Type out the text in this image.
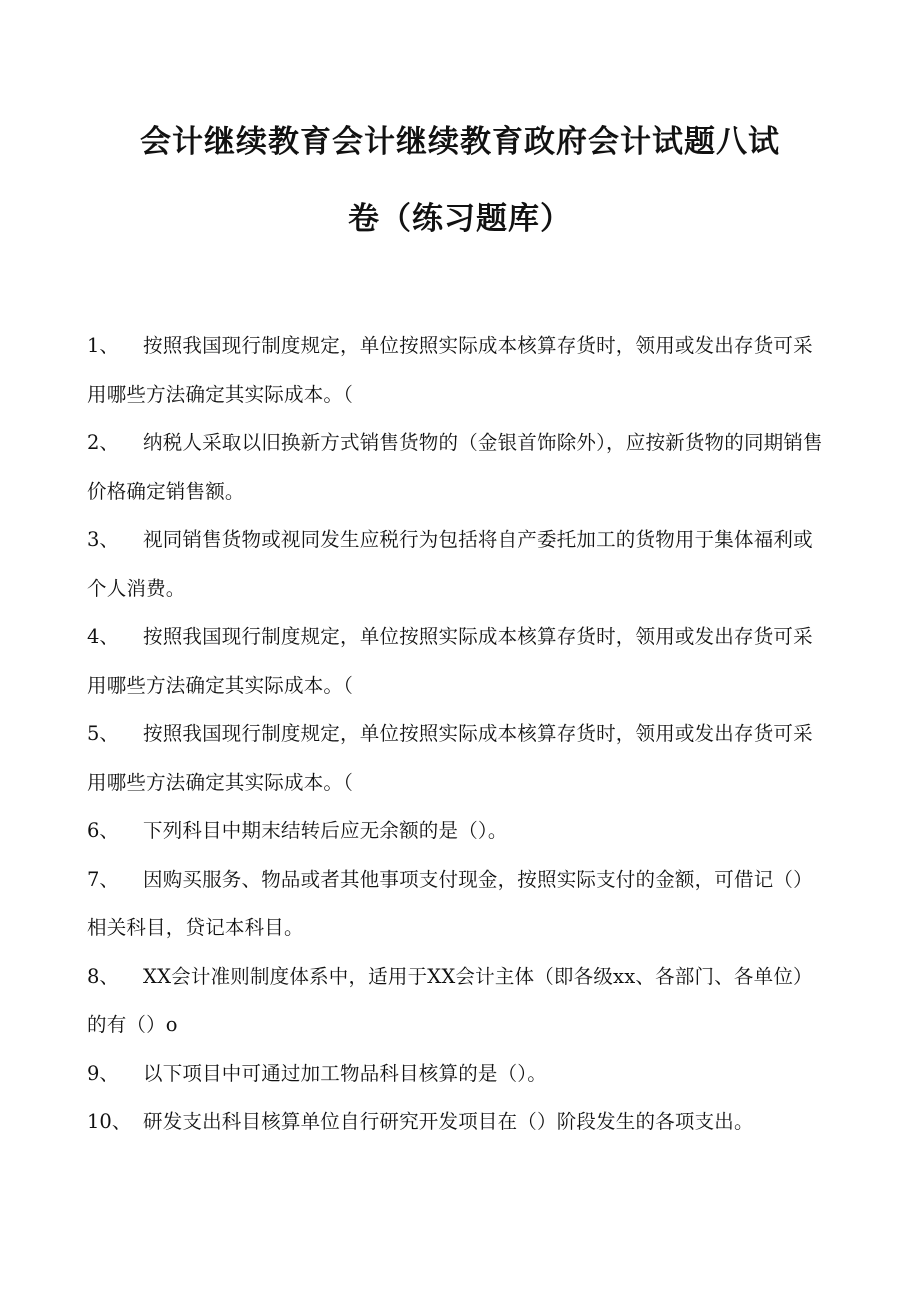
会计继续教育会计继续教育政府会计试题八试
卷（练习题库）

1、 按照我国现行制度规定，单位按照实际成本核算存货时，领用或发出存货可采用哪些方法确定其实际成本。（

2、 纳税人采取以旧换新方式销售货物的（金银首饰除外），应按新货物的同期销售价格确定销售额。

3、 视同销售货物或视同发生应税行为包括将自产委托加工的货物用于集体福利或个人消费。

4、 按照我国现行制度规定，单位按照实际成本核算存货时，领用或发出存货可采用哪些方法确定其实际成本。（

5、 按照我国现行制度规定，单位按照实际成本核算存货时，领用或发出存货可采用哪些方法确定其实际成本。（

6、 下列科目中期末结转后应无余额的是（）。

7、 因购买服务、物品或者其他事项支付现金，按照实际支付的金额，可借记（）相关科目，贷记本科目。

8、 XX会计准则制度体系中，适用于XX会计主体（即各级xx、各部门、各单位）的有（）o

9、 以下项目中可通过加工物品科目核算的是（）。

10、 研发支出科目核算单位自行研究开发项目在（）阶段发生的各项支出。
